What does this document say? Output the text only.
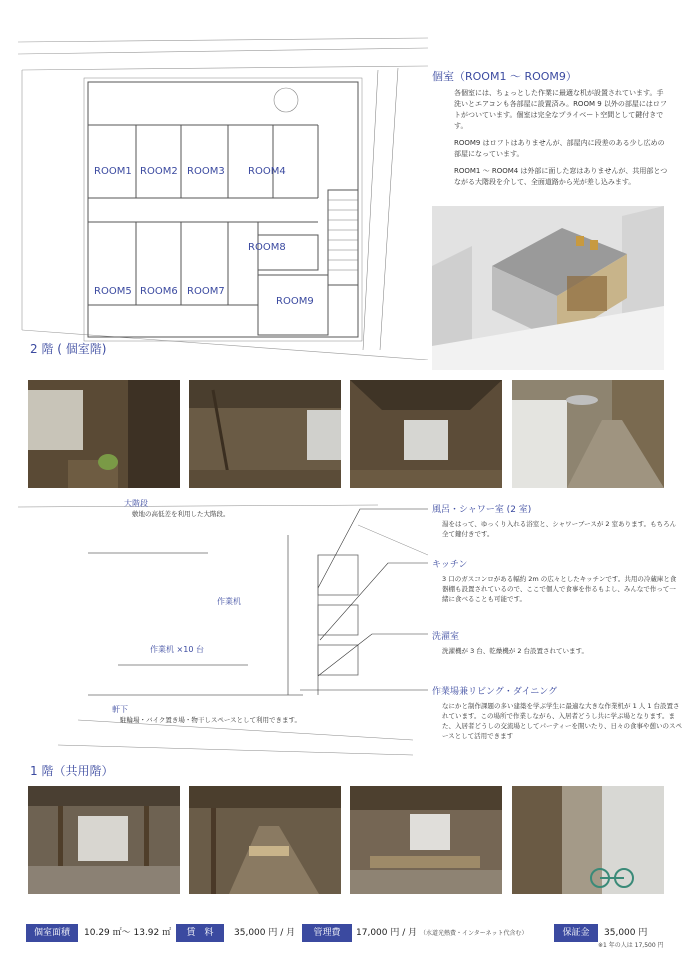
ROOM1 ROOM2 ROOM3 ROOM4
ROOM5 ROOM6 ROOM7
ROOM8
ROOM9
2 階 ( 個室階)
個室（ROOM1 ～ ROOM9）

各個室には、ちょっとした作業に最適な机が設置されています。手洗いとエアコンも各部屋に設置済み。ROOM 9 以外の部屋にはロフトがついています。個室は完全なプライベート空間として鍵付きです。

ROOM9 はロフトはありませんが、部屋内に段差のある少し広めの部屋になっています。

ROOM1 ～ ROOM4 は外部に面した窓はありませんが、共用部とつながる大階段を介して、全面道路から光が差し込みます。

大階段
敷地の高低差を利用した大階段。
作業机
作業机 ×10 台
軒下
駐輪場・バイク置き場・物干しスペースとして利用できます。
1 階（共用階）
風呂・シャワー室 (2 室)
湯をはって、ゆっくり入れる浴室と、シャワーブースが 2 室あります。もちろん全て鍵付きです。
キッチン
3 口のガスコンロがある幅約 2m の広々としたキッチンです。共用の冷蔵庫と食器棚も設置されているので、ここで個人で食事を作るもよし、みんなで作って一緒に食べることも可能です。
洗濯室
洗濯機が 3 台、乾燥機が 2 台設置されています。
作業場兼リビング・ダイニング
なにかと制作課題の多い建築を学ぶ学生に最適な大きな作業机が 1 人 1 台設置されています。この場所で作業しながら、入居者どうし共に学ぶ場となります。また、入居者どうしの交流場としてパーティーを開いたり、日々の食事や憩いのスペースとして活用できます
個室面積	10.29 ㎡～ 13.92 ㎡	賃　料	35,000 円 / 月	管理費	17,000 円 / 月 （水道光熱費・インターネット代含む）	保証金	35,000 円
※1 年の人は 17,500 円
